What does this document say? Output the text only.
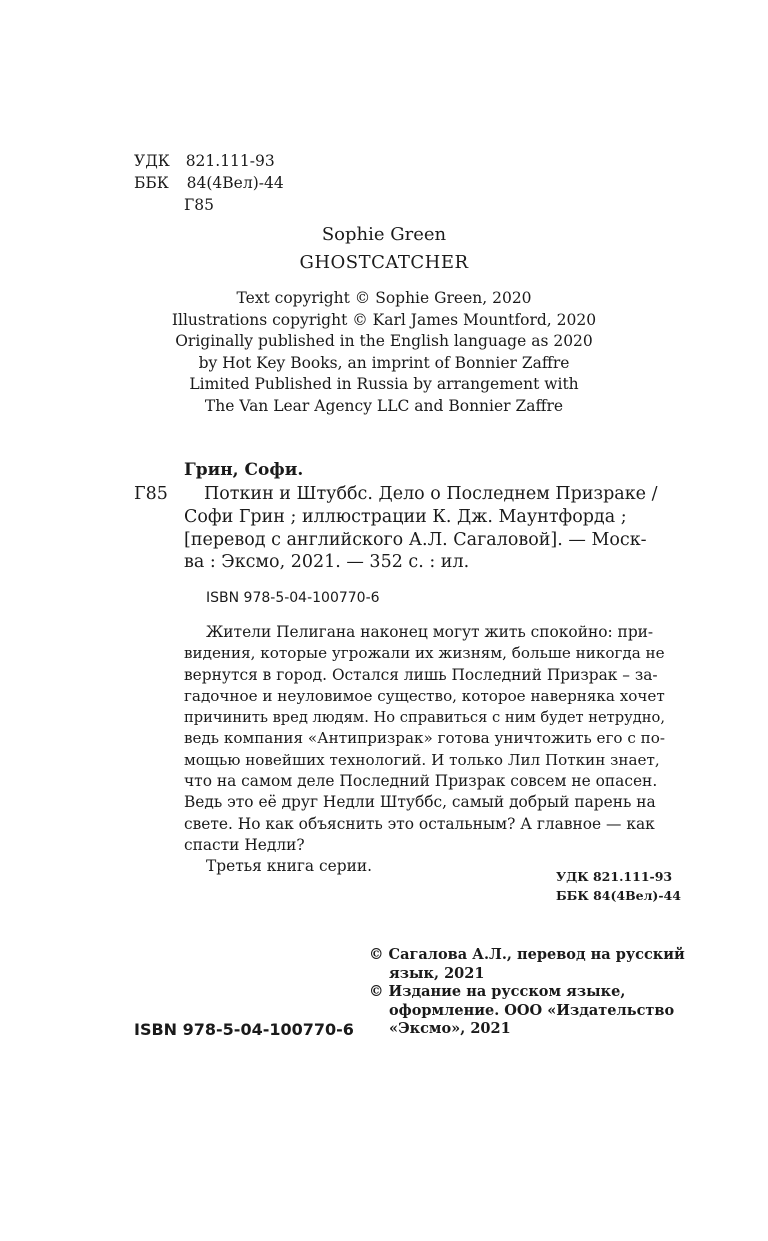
УДК 821.111-93
ББК 84(4Вел)-44
Г85
Sophie Green
GHOSTCATCHER
Text copyright © Sophie Green, 2020
Illustrations copyright © Karl James Mountford, 2020
Originally published in the English language as 2020
by Hot Key Books, an imprint of Bonnier Zaffre
Limited Published in Russia by arrangement with
The Van Lear Agency LLC and Bonnier Zaffre
Грин, Софи.
Г85 Поткин и Штуббс. Дело о Последнем Призраке /
Софи Грин ; иллюстрации К. Дж. Маунтфорда ;
[перевод с английского А.Л. Сагаловой]. — Моск-
ва : Эксмо, 2021. — 352 с. : ил.
ISBN 978-5-04-100770-6
Жители Пелигана наконец могут жить спокойно: при-
видения, которые угрожали их жизням, больше никогда не
вернутся в город. Остался лишь Последний Призрак – за-
гадочное и неуловимое существо, которое наверняка хочет
причинить вред людям. Но справиться с ним будет нетрудно,
ведь компания «Антипризрак» готова уничтожить его с по-
мощью новейших технологий. И только Лил Поткин знает,
что на самом деле Последний Призрак совсем не опасен.
Ведь это её друг Недли Штуббс, самый добрый парень на
свете. Но как объяснить это остальным? А главное — как
спасти Недли?
Третья книга серии.
УДК 821.111-93
ББК 84(4Вел)-44
© Сагалова А.Л., перевод на русский
язык, 2021
© Издание на русском языке,
оформление. ООО «Издательство
«Эксмо», 2021
ISBN 978-5-04-100770-6
